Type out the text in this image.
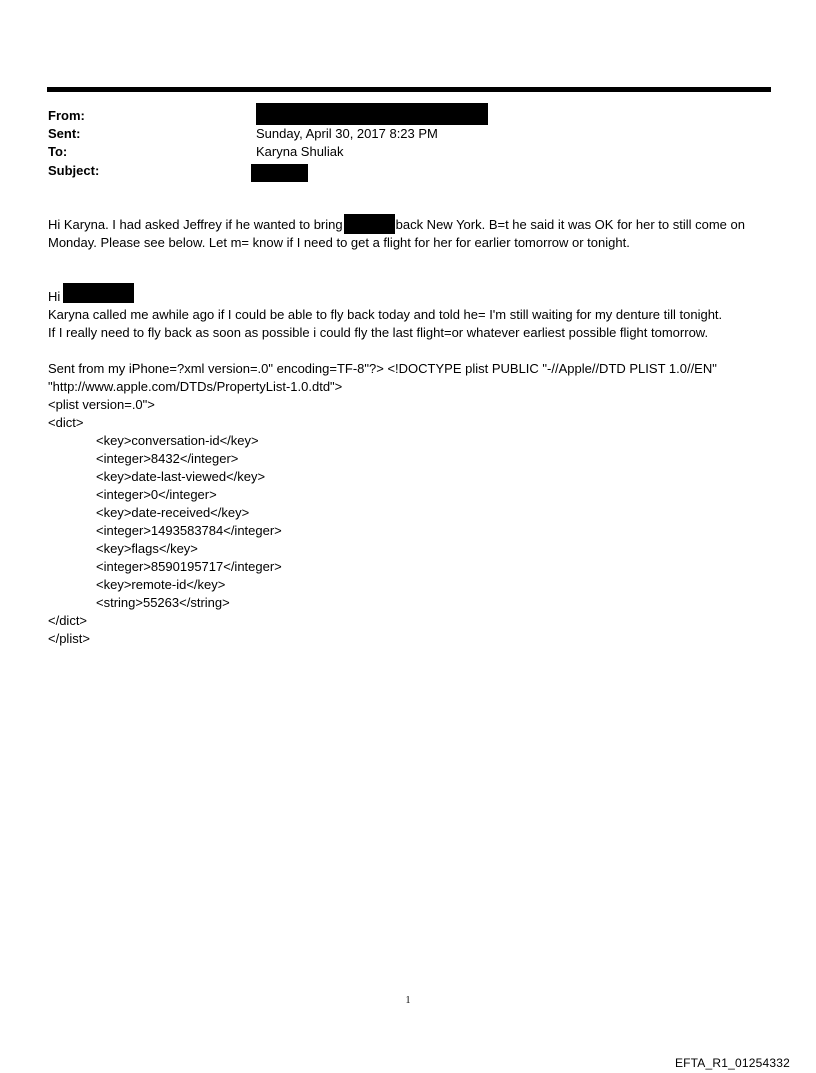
From:
Sent:	Sunday, April 30, 2017 8:23 PM
To:	Karyna Shuliak
Subject:
Hi Karyna. I had asked Jeffrey if he wanted to bring	back New York. B=t he said it was OK for her to still come on
Monday. Please see below. Let m= know if I need to get a flight for her for earlier tomorrow or tonight.
Hi
Karyna called me awhile ago if I could be able to fly back today and told he= I'm still waiting for my denture till tonight.
If I really need to fly back as soon as possible i could fly the last flight=or whatever earliest possible flight tomorrow.
Sent from my iPhone=?xml version=.0" encoding=TF-8"?> <!DOCTYPE plist PUBLIC "-//Apple//DTD PLIST 1.0//EN"
"http://www.apple.com/DTDs/PropertyList-1.0.dtd">
<plist version=.0">
<dict>
<key>conversation-id</key>
<integer>8432</integer>
<key>date-last-viewed</key>
<integer>0</integer>
<key>date-received</key>
<integer>1493583784</integer>
<key>flags</key>
<integer>8590195717</integer>
<key>remote-id</key>
<string>55263</string>
</dict>
</plist>
1
EFTA_R1_01254332
